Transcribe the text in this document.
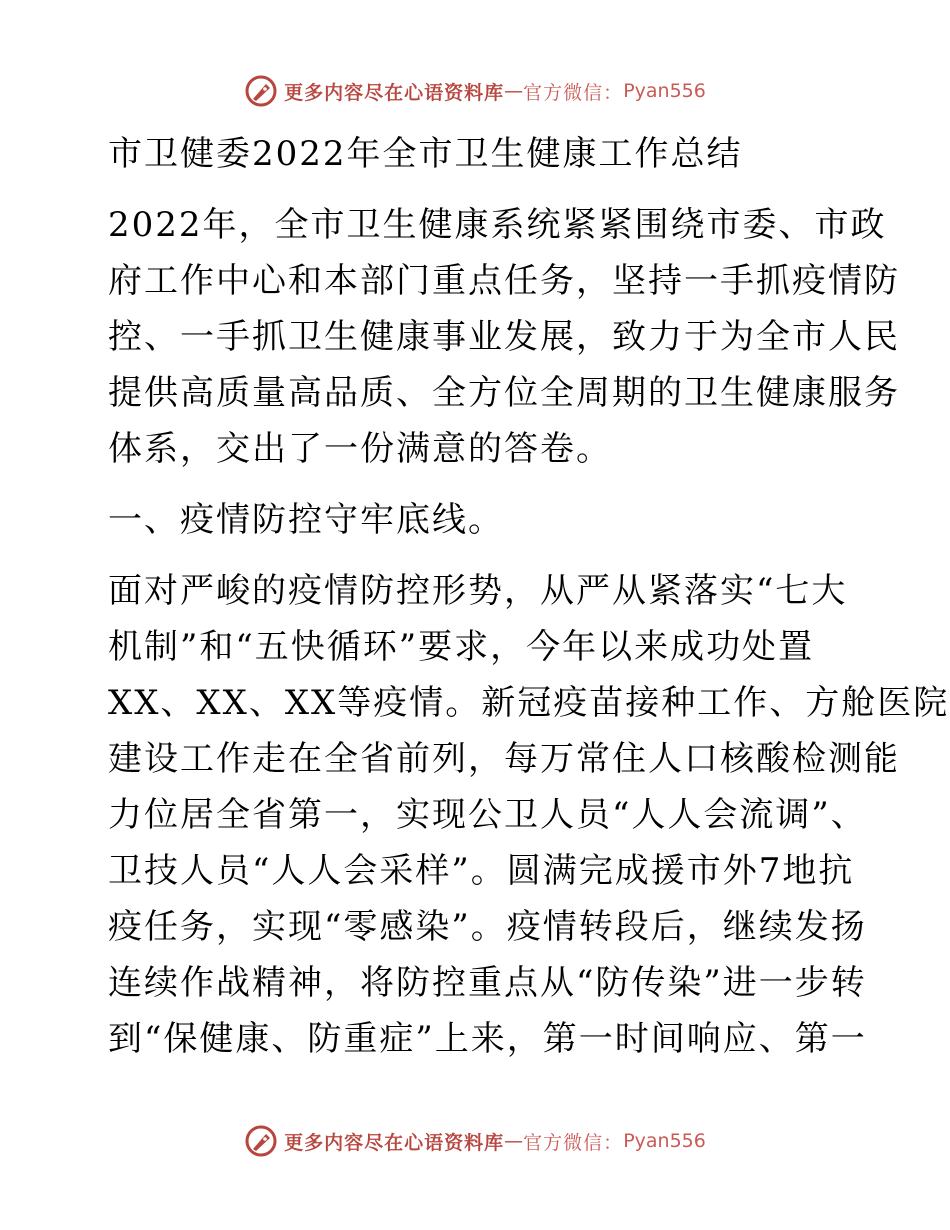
更多内容尽在心语资料库 — 官方微信： Pyan556
市卫健委2022年全市卫生健康工作总结
2022年，全市卫生健康系统紧紧围绕市委、市政
府工作中心和本部门重点任务，坚持一手抓疫情防
控、一手抓卫生健康事业发展，致力于为全市人民
提供高质量高品质、全方位全周期的卫生健康服务
体系，交出了一份满意的答卷。
一、疫情防控守牢底线。
面对严峻的疫情防控形势，从严从紧落实“七大
机制”和“五快循环”要求，今年以来成功处置
XX、XX、XX等疫情。新冠疫苗接种工作、方舱医院
建设工作走在全省前列，每万常住人口核酸检测能
力位居全省第一，实现公卫人员“人人会流调”、
卫技人员“人人会采样”。圆满完成援市外7地抗
疫任务，实现“零感染”。疫情转段后，继续发扬
连续作战精神，将防控重点从“防传染”进一步转
到“保健康、防重症”上来，第一时间响应、第一
更多内容尽在心语资料库 — 官方微信： Pyan556
